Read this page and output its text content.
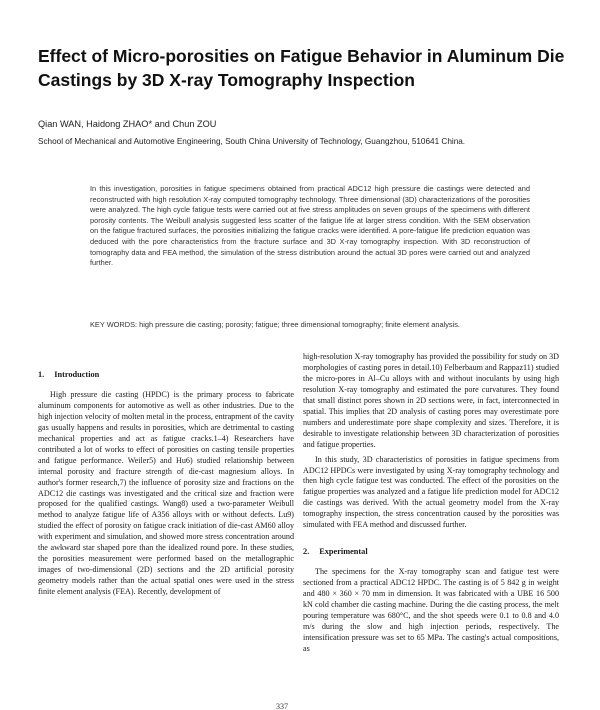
Effect of Micro-porosities on Fatigue Behavior in Aluminum Die Castings by 3D X-ray Tomography Inspection
Qian WAN, Haidong ZHAO* and Chun ZOU
School of Mechanical and Automotive Engineering, South China University of Technology, Guangzhou, 510641 China.

In this investigation, porosities in fatigue specimens obtained from practical ADC12 high pressure die castings were detected and reconstructed with high resolution X-ray computed tomography technology. Three dimensional (3D) characterizations of the porosities were analyzed. The high cycle fatigue tests were carried out at five stress amplitudes on seven groups of the specimens with different porosity contents. The Weibull analysis suggested less scatter of the fatigue life at larger stress condition. With the SEM observation on the fatigue fractured surfaces, the porosities initializing the fatigue cracks were identified. A pore-fatigue life prediction equation was deduced with the pore characteristics from the fracture surface and 3D X-ray tomography inspection. With 3D reconstruction of tomography data and FEA method, the simulation of the stress distribution around the actual 3D pores were carried out and analyzed further.

KEY WORDS: high pressure die casting; porosity; fatigue; three dimensional tomography; finite element analysis.

1. Introduction

High pressure die casting (HPDC) is the primary process to fabricate aluminum components for automotive as well as other industries. Due to the high injection velocity of molten metal in the process, entrapment of the cavity gas usually happens and results in porosities, which are detrimental to casting mechanical properties and act as fatigue cracks.1–4) Researchers have contributed a lot of works to effect of porosities on casting tensile properties and fatigue performance. Weiler5) and Hu6) studied relationship between internal porosity and fracture strength of die-cast magnesium alloys. In author's former research,7) the influence of porosity size and fractions on the ADC12 die castings was investigated and the critical size and fraction were proposed for the qualified castings. Wang8) used a two-parameter Weibull method to analyze fatigue life of A356 alloys with or without defects. Lu9) studied the effect of porosity on fatigue crack initiation of die-cast AM60 alloy with experiment and simulation, and showed more stress concentration around the awkward star shaped pore than the idealized round pore. In these studies, the porosities measurement were performed based on the metallographic images of two-dimensional (2D) sections and the 2D artificial porosity geometry models rather than the actual spatial ones were used in the stress finite element analysis (FEA). Recently, development of

high-resolution X-ray tomography has provided the possibility for study on 3D morphologies of casting pores in detail.10) Felberbaum and Rappaz11) studied the micro-pores in Al–Cu alloys with and without inoculants by using high resolution X-ray tomography and estimated the pore curvatures. They found that small distinct pores shown in 2D sections were, in fact, interconnected in spatial. This implies that 2D analysis of casting pores may overestimate pore numbers and underestimate pore shape complexity and sizes. Therefore, it is desirable to investigate relationship between 3D characterization of porosities and fatigue properties.

In this study, 3D characteristics of porosities in fatigue specimens from ADC12 HPDCs were investigated by using X-ray tomography technology and then high cycle fatigue test was conducted. The effect of the porosities on the fatigue properties was analyzed and a fatigue life prediction model for ADC12 die castings was derived. With the actual geometry model from the X-ray tomography inspection, the stress concentration caused by the porosities was simulated with FEA method and discussed further.

2. Experimental

The specimens for the X-ray tomography scan and fatigue test were sectioned from a practical ADC12 HPDC. The casting is of 5 842 g in weight and 480 × 360 × 70 mm in dimension. It was fabricated with a UBE 16 500 kN cold chamber die casting machine. During the die casting process, the melt pouring temperature was 680°C, and the shot speeds were 0.1 to 0.8 and 4.0 m/s during the slow and high injection periods, respectively. The intensification pressure was set to 65 MPa. The casting's actual compositions, as

337
